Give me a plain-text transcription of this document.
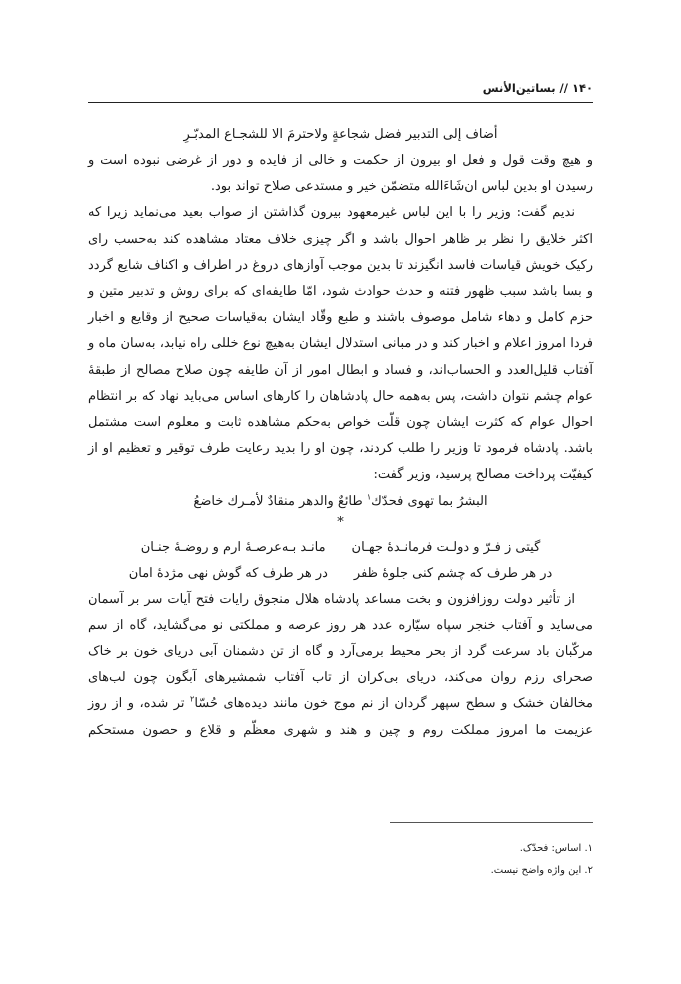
۱۴۰ // بساتین‌الأنس
أضاف إلی التدبیر فضل شجاعةٍ ولاحترمَ الا للشجـاع المدبّـرِ

و هیچ وقت قول و فعل او بیرون از حکمت و خالی از فایده و دور از غرضی نبوده است و رسیدن او بدین لباس ان‌شَاءَالله متضمّن خیر و مستدعی صلاح تواند بود.

ندیم گفت: وزیر را با این لباس غیرمعهود بیرون گذاشتن از صواب بعید می‌نماید زیرا که اکثر خلایق را نظر بر ظاهر احوال باشد و اگر چیزی خلاف معتاد مشاهده کند به‌حسب رای رکیک خویش قیاسات فاسد انگیزند تا بدین موجب آوازهای دروغ در اطراف و اکناف شایع گردد و بسا باشد سبب ظهور فتنه و حدث حوادث شود، امّا طایفه‌ای که برای روش و تدبیر متین و حزم کامل و دهاء شامل موصوف باشند و طبع وقّاد ایشان به‌قیاسات صحیح از وقایع و اخبار فردا امروز اعلام و اخبار کند و در مبانی استدلال ایشان به‌هیچ نوع خللی راه نیابد، به‌سان ماه و آفتاب قلیل‌العدد و الحساب‌اند، و فساد و ابطال امور از آن طایفه چون صلاح مصالح از طبقهٔ عوام چشم نتوان داشت، پس به‌همه حال پادشاهان را کارهای اساس می‌باید نهاد که بر انتظام احوال عوام که کثرت ایشان چون قلّت خواص به‌حکم مشاهده ثابت و معلوم است مشتمل باشد. پادشاه فرمود تا وزیر را طلب کردند، چون او را بدید رعایت طرف توقیر و تعظیم او از کیفیّت پرداخت مصالح پرسید، وزیر گفت:

البشرُ بما تهوی فحدّك$^۱$ طائعٌ والدهر منقادٌ لأمـرك خاضعُ
*
گیتی ز فـرّ و دولـت فرمانـدهٔ جهـان
مانـد بـه‌عرصـهٔ ارم و روضـهٔ جنـان
در هر طرف که چشم کنی جلوهٔ ظفر
در هر طرف که گوش نهی مژدهٔ امان

از تأثیر دولت روزافزون و بخت مساعد پادشاه هلال منجوق رایات فتح آیات سر بر آسمان می‌ساید و آفتاب خنجر سپاه سیّاره عدد هر روز عرصه و مملکتی نو می‌گشاید، گاه از سم مرکّبان باد سرعت گرد از بحر محیط برمی‌آرد و گاه از تن دشمنان آبی دریای خون بر خاک صحرای رزم روان می‌کند، دریای بی‌کران از تاب آفتاب شمشیرهای آبگون چون لب‌های مخالفان خشک و سطح سپهر گردان از نم موج خون مانند دیده‌های حُسّا$^۲$ تر شده، و از روز عزیمت ما امروز مملکت روم و چین و هند و شهری معظّم و قلاع و حصون مستحکم

۱. اساس: فحدّک.
۲. این واژه واضح نیست.
